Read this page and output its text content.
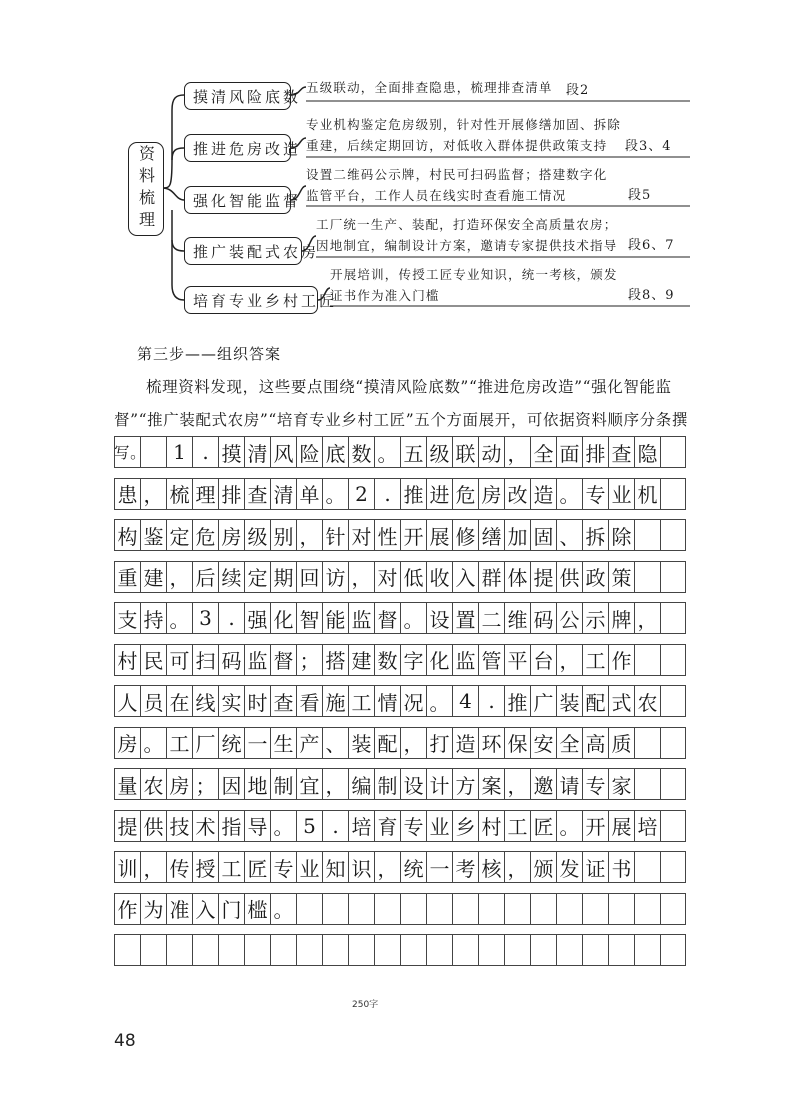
资料梳理
摸清风险底数 五级联动，全面排查隐患，梳理排查清单 段2
推进危房改造
专业机构鉴定危房级别，针对性开展修缮加固、拆除
重建，后续定期回访，对低收入群体提供政策支持	段3、4
强化智能监督
设置二维码公示牌，村民可扫码监督；搭建数字化
监管平台，工作人员在线实时查看施工情况	段5
推广装配式农房
工厂统一生产、装配，打造环保安全高质量农房；
因地制宜，编制设计方案，邀请专家提供技术指导 段6、7
培育专业乡村工匠
开展培训，传授工匠专业知识，统一考核，颁发
证书作为准入门槛	段8、9
第三步——组织答案
梳理资料发现，这些要点围绕“摸清风险底数”“推进危房改造”“强化智能监督”“推广装配式农房”“培育专业乡村工匠”五个方面展开，可依据资料顺序分条撰写。	1 . 摸 清 风 险 底 数 。 五 级 联 动 ， 全 面 排 查 隐
患 ， 梳 理 排 查 清 单 。 2 . 推 进 危 房 改 造 。 专 业 机
构 鉴 定 危 房 级 别 ， 针 对 性 开 展 修 缮 加 固 、 拆 除
重 建 ， 后 续 定 期 回 访 ， 对 低 收 入 群 体 提 供 政 策
支 持 。 3 . 强 化 智 能 监 督 。 设 置 二 维 码 公 示 牌 ，
村 民 可 扫 码 监 督 ； 搭 建 数 字 化 监 管 平 台 ， 工 作
人 员 在 线 实 时 查 看 施 工 情 况 。 4 . 推 广 装 配 式 农
房 。 工 厂 统 一 生 产 、 装 配 ， 打 造 环 保 安 全 高 质
量 农 房 ； 因 地 制 宜 ， 编 制 设 计 方 案 ， 邀 请 专 家
提 供 技 术 指 导 。 5 . 培 育 专 业 乡 村 工 匠 。 开 展 培
训 ， 传 授 工 匠 专 业 知 识 ， 统 一 考 核 ， 颁 发 证 书
作 为 准 入 门 槛 。
250字
48
